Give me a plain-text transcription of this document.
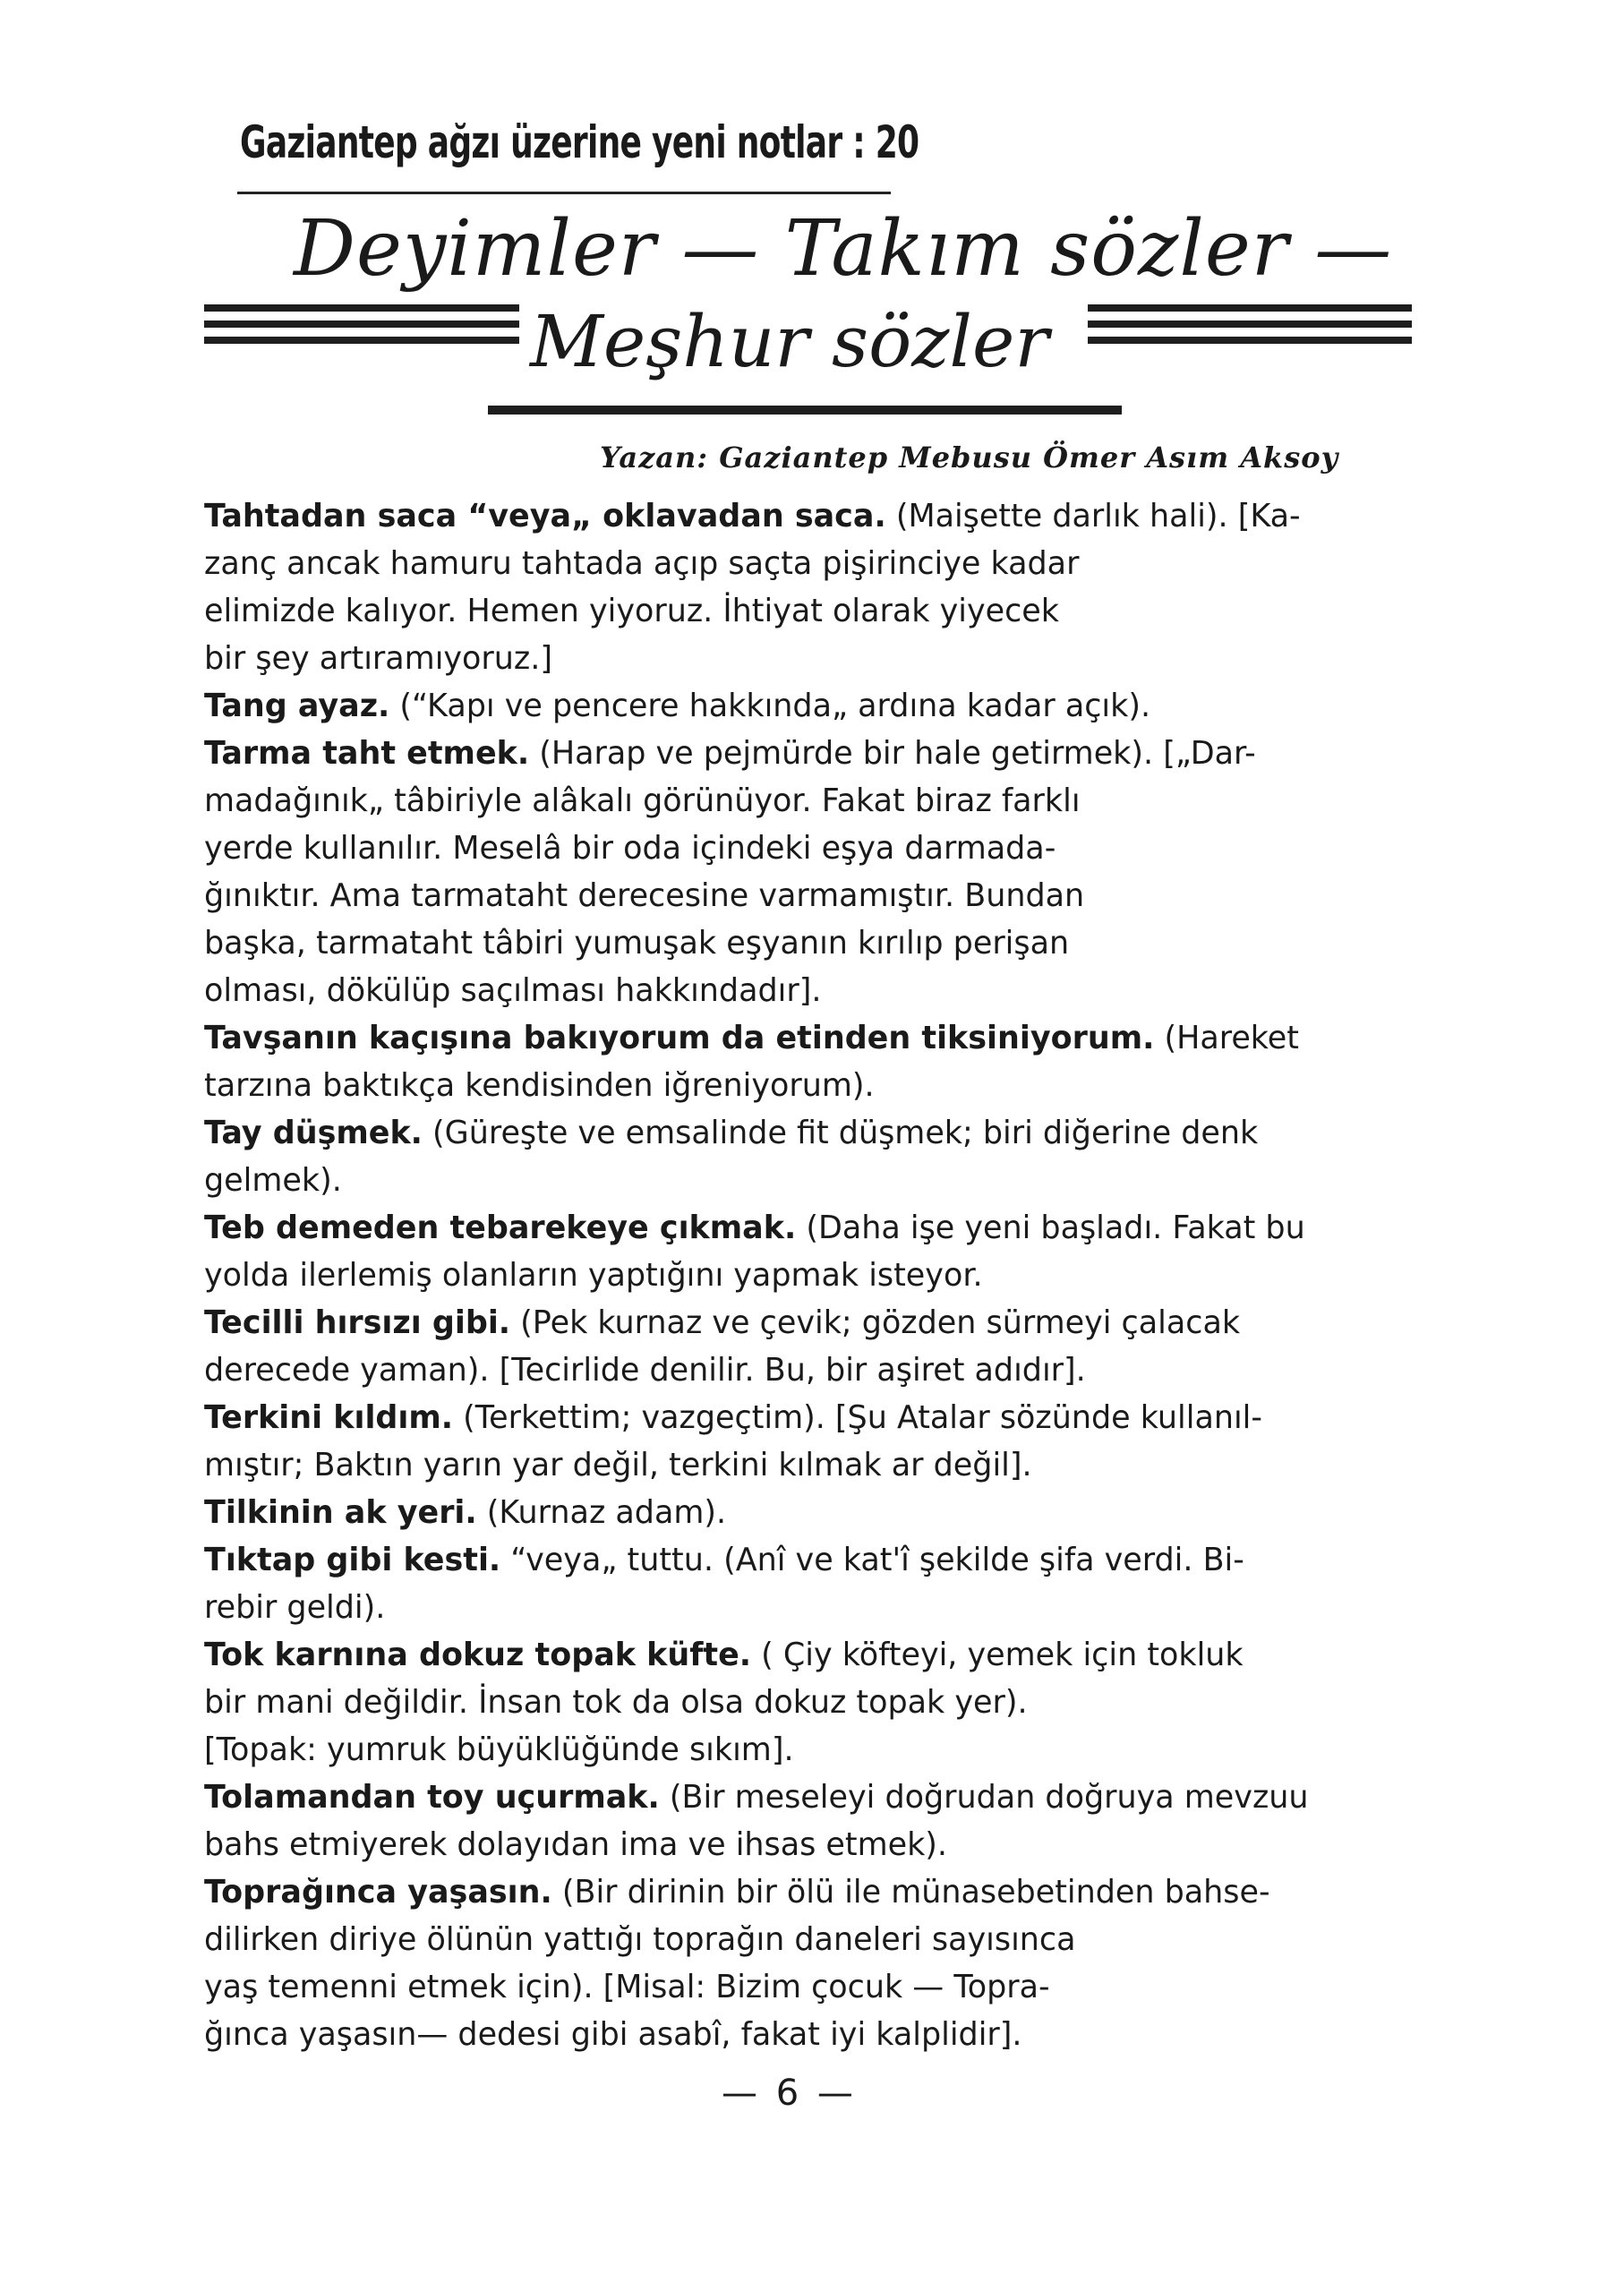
Gaziantep ağzı üzerine yeni notlar : 20
Deyimler — Takım sözler —
Meşhur sözler
Yazan: Gaziantep Mebusu Ömer Asım Aksoy
Tahtadan saca “veya„ oklavadan saca. (Maişette darlık hali). [Ka-
zanç ancak hamuru tahtada açıp saçta pişirinciye kadar
elimizde kalıyor. Hemen yiyoruz. İhtiyat olarak yiyecek
bir şey artıramıyoruz.]
Tang ayaz. (“Kapı ve pencere hakkında„ ardına kadar açık).
Tarma taht etmek. (Harap ve pejmürde bir hale getirmek). [„Dar-
madağınık„ tâbiriyle alâkalı görünüyor. Fakat biraz farklı
yerde kullanılır. Meselâ bir oda içindeki eşya darmada-
ğınıktır. Ama tarmataht derecesine varmamıştır. Bundan
başka, tarmataht tâbiri yumuşak eşyanın kırılıp perişan
olması, dökülüp saçılması hakkındadır].
Tavşanın kaçışına bakıyorum da etinden tiksiniyorum. (Hareket
tarzına baktıkça kendisinden iğreniyorum).
Tay düşmek. (Güreşte ve emsalinde fit düşmek; biri diğerine denk
gelmek).
Teb demeden tebarekeye çıkmak. (Daha işe yeni başladı. Fakat bu
yolda ilerlemiş olanların yaptığını yapmak isteyor.
Tecilli hırsızı gibi. (Pek kurnaz ve çevik; gözden sürmeyi çalacak
derecede yaman). [Tecirlide denilir. Bu, bir aşiret adıdır].
Terkini kıldım. (Terkettim; vazgeçtim). [Şu Atalar sözünde kullanıl-
mıştır; Baktın yarın yar değil, terkini kılmak ar değil].
Tilkinin ak yeri. (Kurnaz adam).
Tıktap gibi kesti. “veya„ tuttu. (Anî ve kat'î şekilde şifa verdi. Bi-
rebir geldi).
Tok karnına dokuz topak küfte. ( Çiy köfteyi, yemek için tokluk
bir mani değildir. İnsan tok da olsa dokuz topak yer).
[Topak: yumruk büyüklüğünde sıkım].
Tolamandan toy uçurmak. (Bir meseleyi doğrudan doğruya mevzuu
bahs etmiyerek dolayıdan ima ve ihsas etmek).
Toprağınca yaşasın. (Bir dirinin bir ölü ile münasebetinden bahse-
dilirken diriye ölünün yattığı toprağın daneleri sayısınca
yaş temenni etmek için). [Misal: Bizim çocuk — Topra-
ğınca yaşasın— dedesi gibi asabî, fakat iyi kalplidir].
— 6 —
